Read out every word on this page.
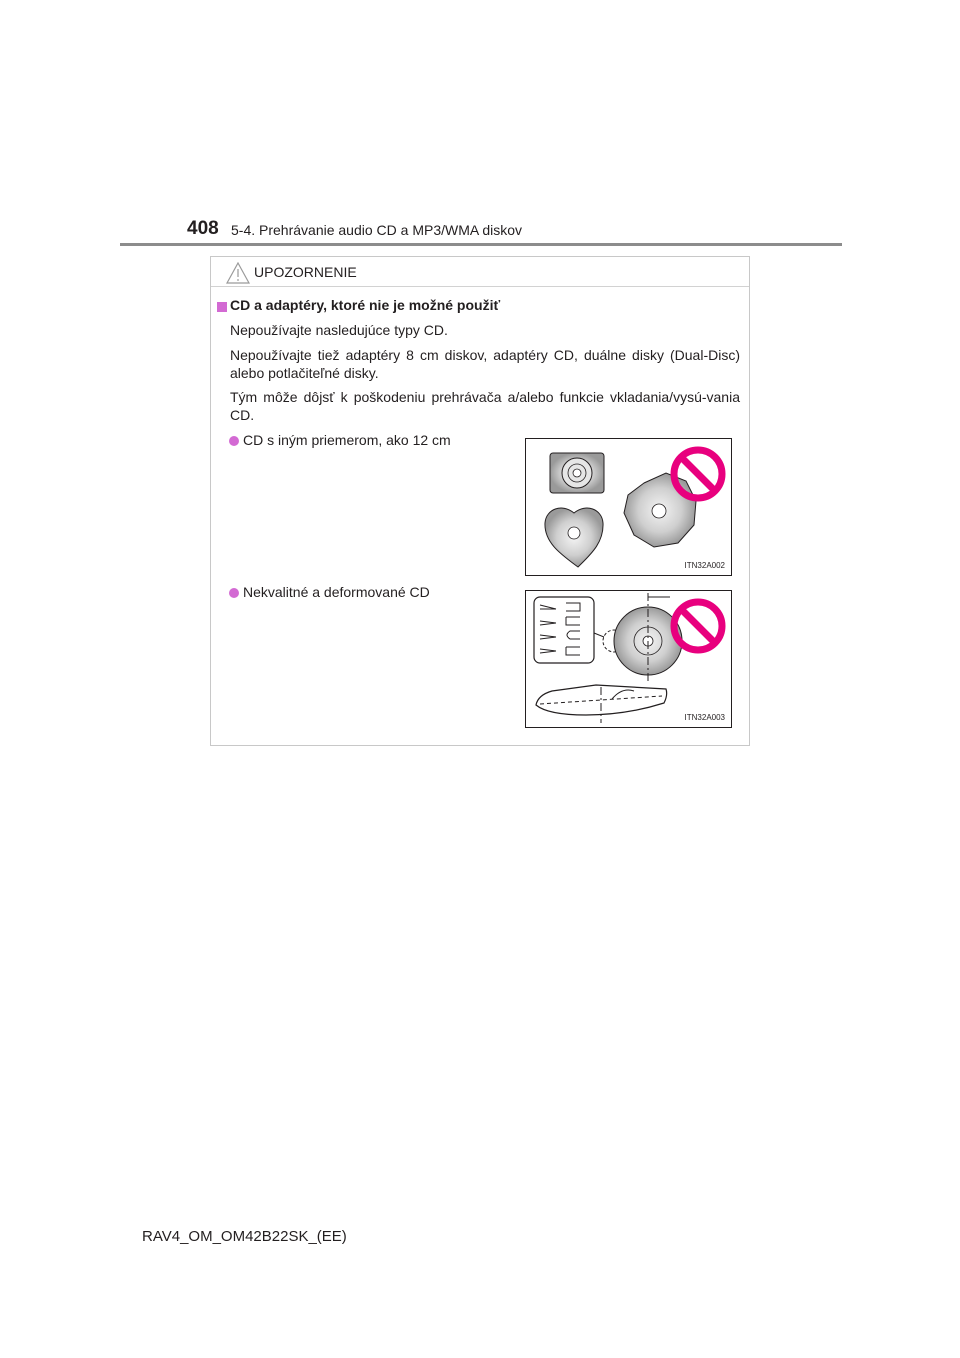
408 5-4. Prehrávanie audio CD a MP3/WMA diskov
UPOZORNENIE
CD a adaptéry, ktoré nie je možné použiť
Nepoužívajte nasledujúce typy CD.
Nepoužívajte tiež adaptéry 8 cm diskov, adaptéry CD, duálne disky (Dual-Disc) alebo potlačiteľné disky.
Tým môže dôjsť k poškodeniu prehrávača a/alebo funkcie vkladania/vysú-vania CD.
CD s iným priemerom, ako 12 cm
ITN32A002
Nekvalitné a deformované CD
ITN32A003
RAV4_OM_OM42B22SK_(EE)
